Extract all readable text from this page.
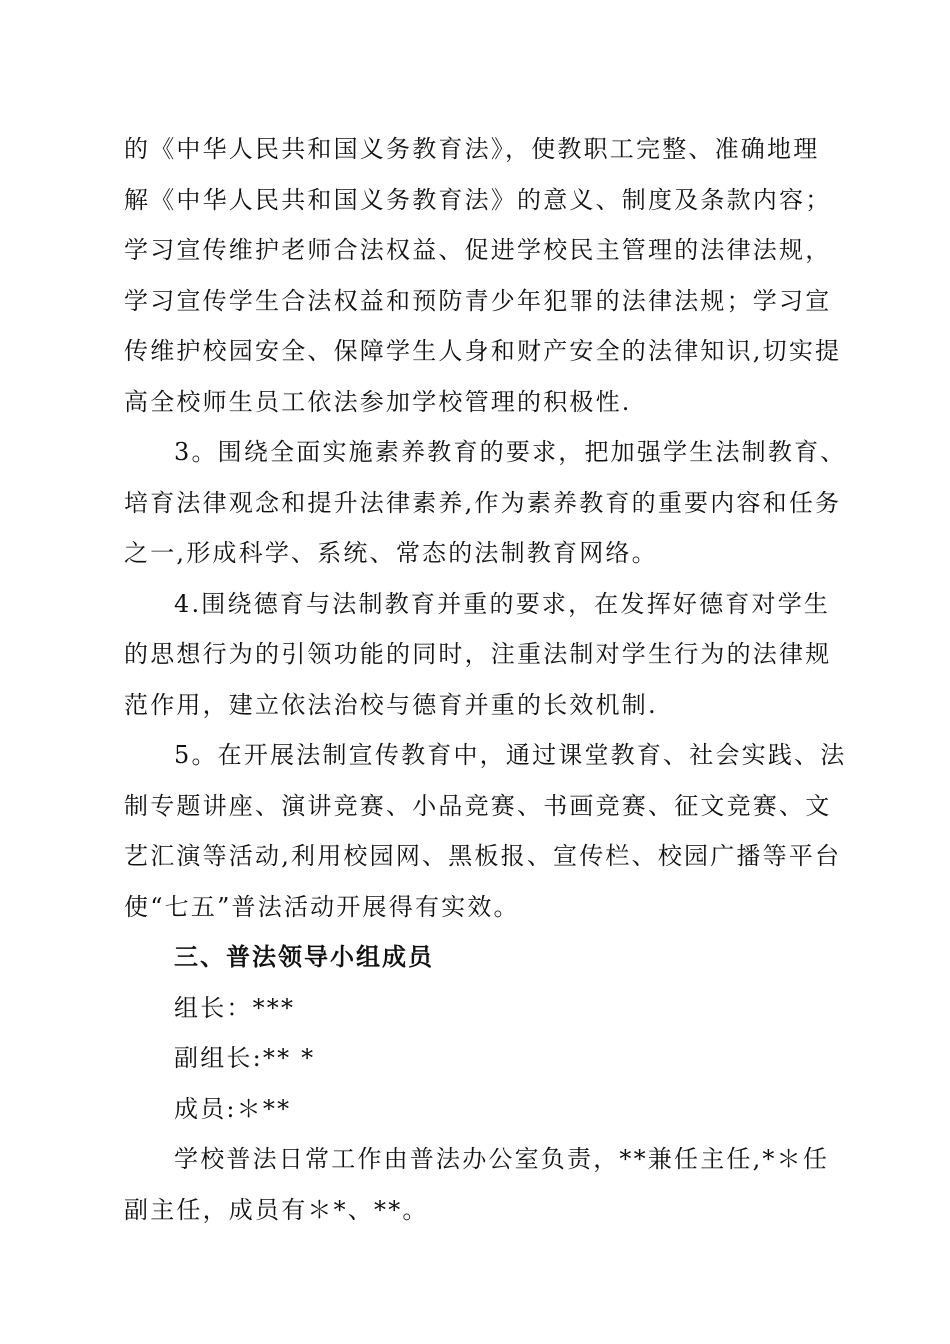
的《中华人民共和国义务教育法》，使教职工完整、准确地理
解《中华人民共和国义务教育法》的意义、制度及条款内容；
学习宣传维护老师合法权益、促进学校民主管理的法律法规，
学习宣传学生合法权益和预防青少年犯罪的法律法规；学习宣
传维护校园安全、保障学生人身和财产安全的法律知识,切实提
高全校师生员工依法参加学校管理的积极性.
3。围绕全面实施素养教育的要求，把加强学生法制教育、
培育法律观念和提升法律素养,作为素养教育的重要内容和任务
之一,形成科学、系统、常态的法制教育网络。
4.围绕德育与法制教育并重的要求，在发挥好德育对学生
的思想行为的引领功能的同时，注重法制对学生行为的法律规
范作用，建立依法治校与德育并重的长效机制.
5。在开展法制宣传教育中，通过课堂教育、社会实践、法
制专题讲座、演讲竞赛、小品竞赛、书画竞赛、征文竞赛、文
艺汇演等活动,利用校园网、黑板报、宣传栏、校园广播等平台
使“七五”普法活动开展得有实效。
三、普法领导小组成员
组长：***
副组长:** *
成员:＊**
学校普法日常工作由普法办公室负责，**兼任主任,*＊任
副主任，成员有＊*、**。
